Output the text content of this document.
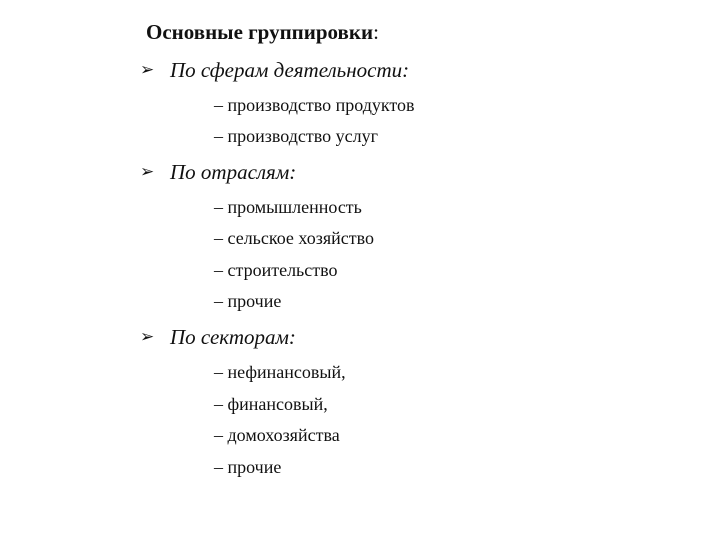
Основные группировки:
➢ По сферам деятельности:
– производство продуктов
– производство услуг
➢ По отраслям:
– промышленность
– сельское хозяйство
– строительство
– прочие
➢ По секторам:
– нефинансовый,
– финансовый,
– домохозяйства
– прочие
